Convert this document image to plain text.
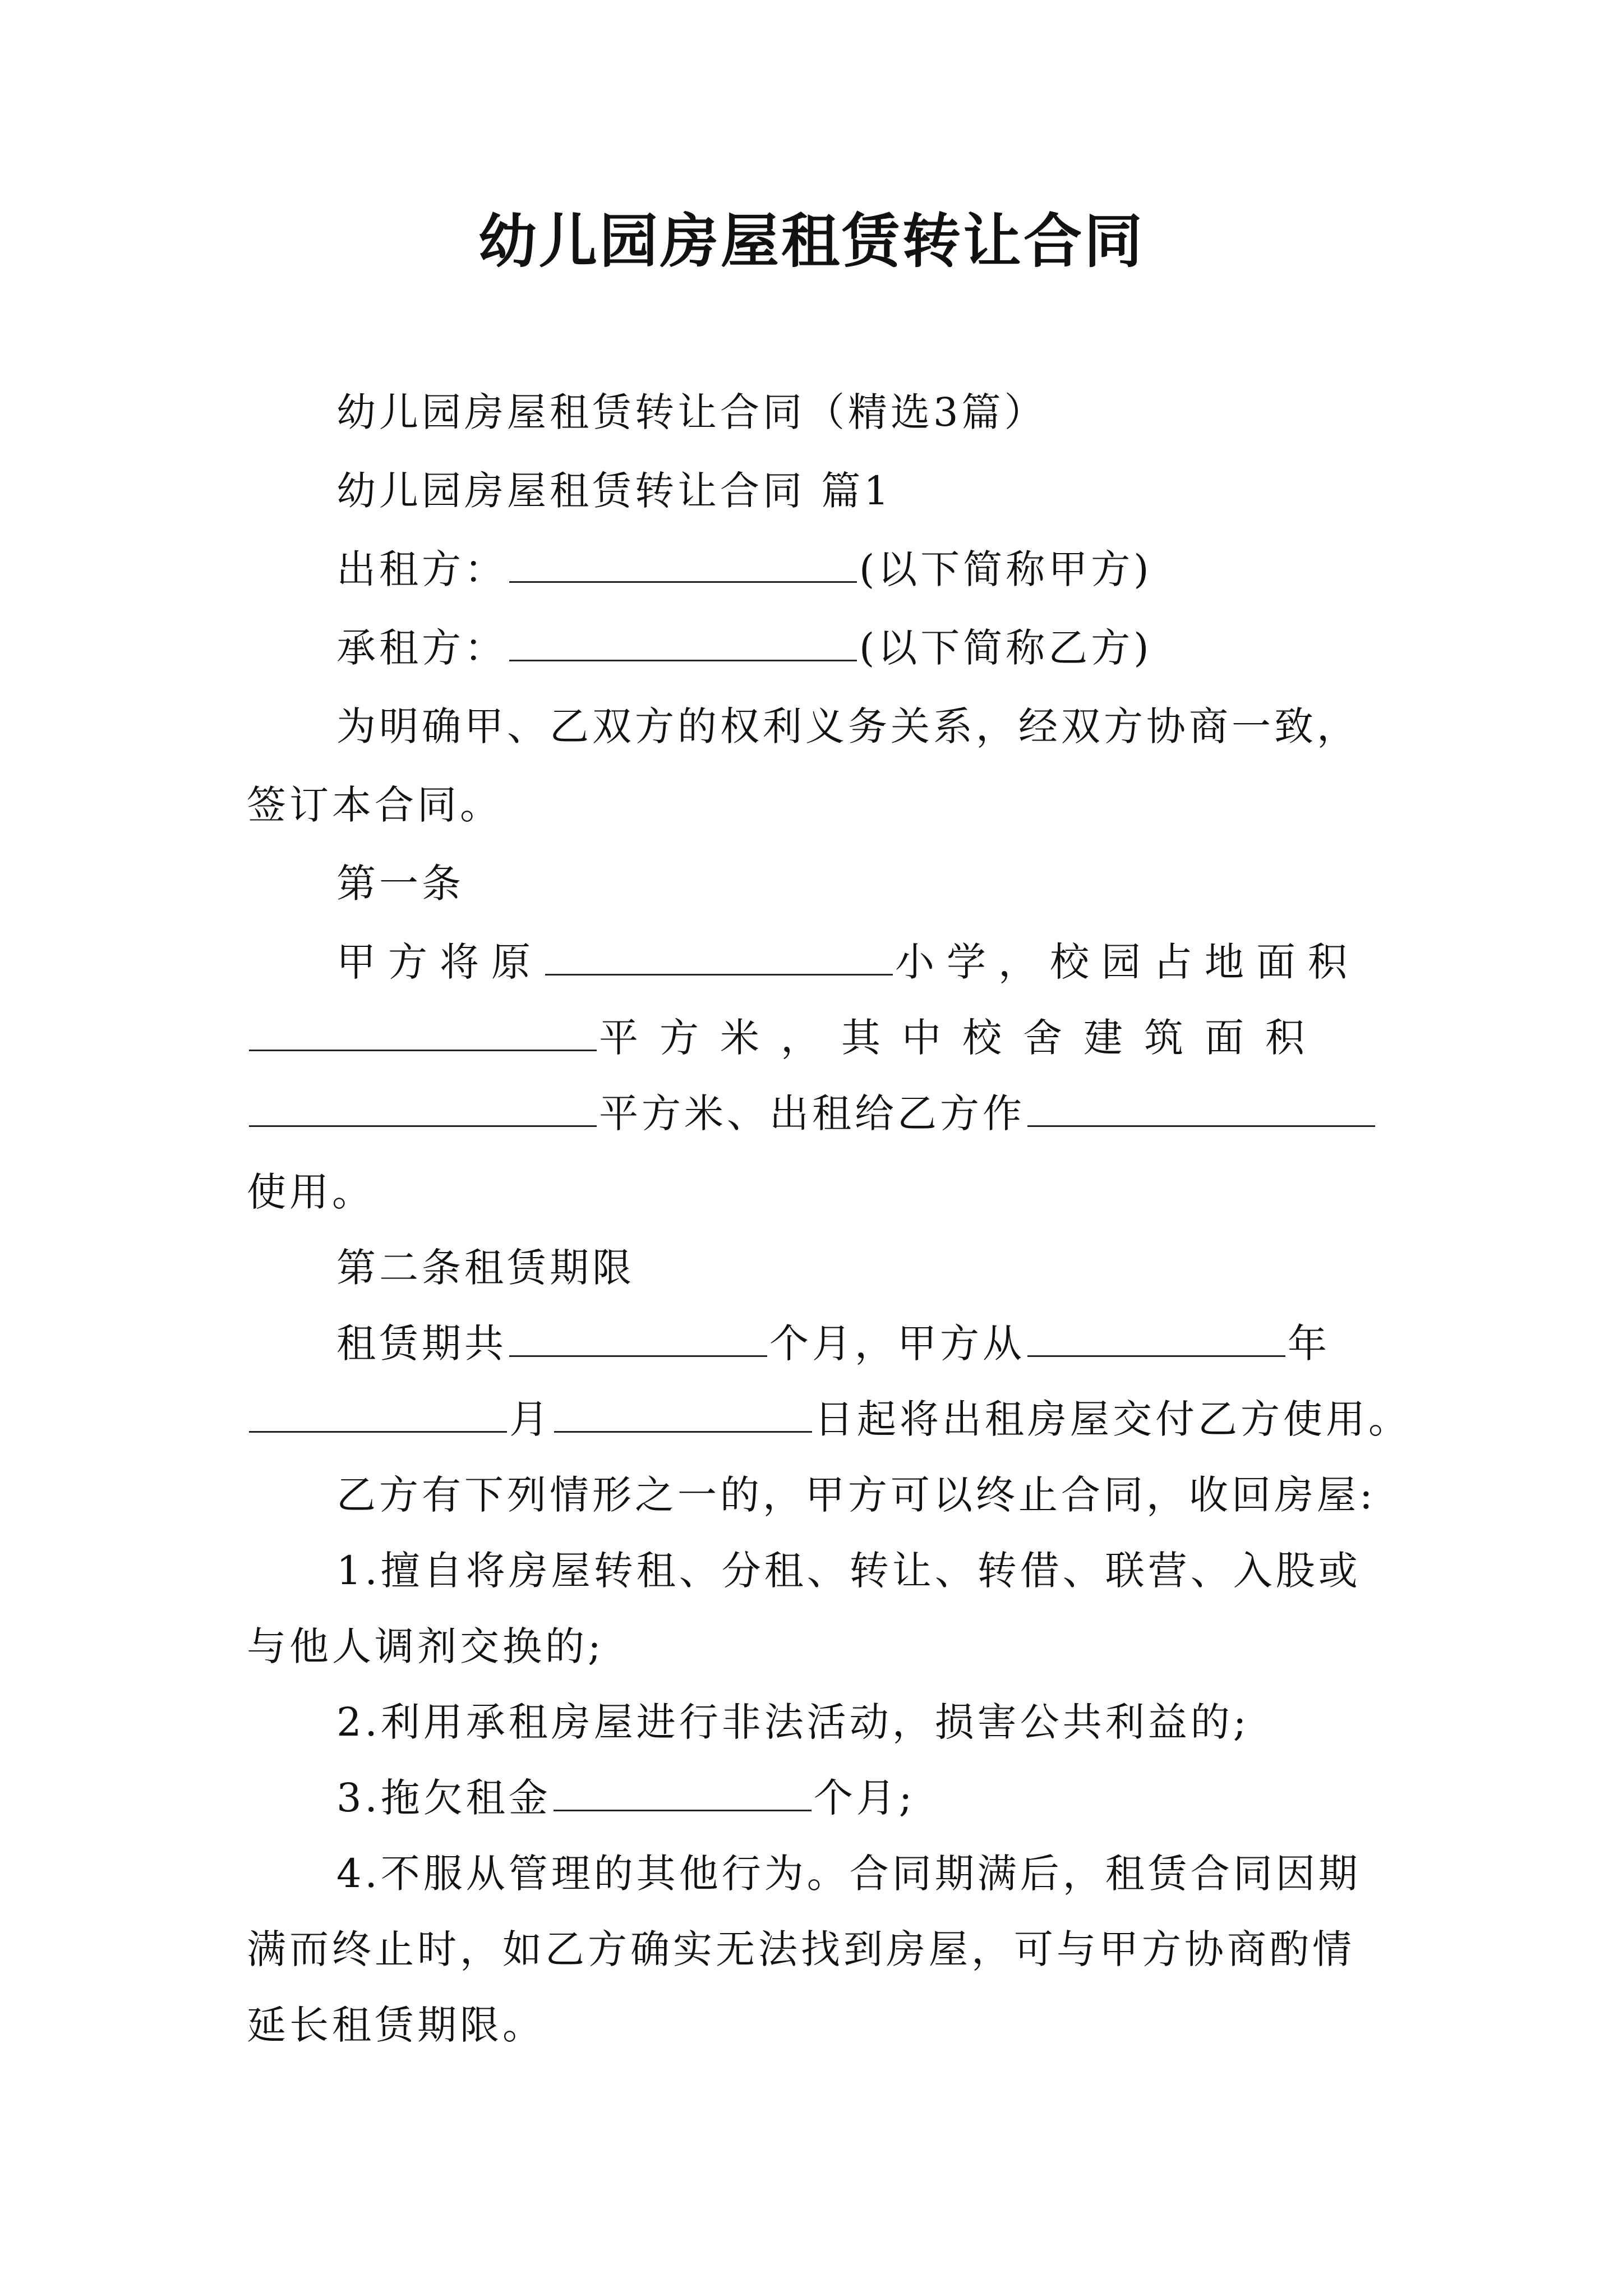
幼儿园房屋租赁转让合同
幼儿园房屋租赁转让合同（精选3篇）
幼儿园房屋租赁转让合同 篇1
出租方：	(以下简称甲方)
承租方：	(以下简称乙方)
为明确甲、乙双方的权利义务关系，经双方协商一致，
签订本合同。
第一条
甲方将原	小学，校园占地面积
平方米，其中校舍建筑面积
平方米、出租给乙方作
使用。
第二条租赁期限
租赁期共	个月，甲方从	年
月	日起将出租房屋交付乙方使用。
乙方有下列情形之一的，甲方可以终止合同，收回房屋:
1.擅自将房屋转租、分租、转让、转借、联营、入股或
与他人调剂交换的;
2.利用承租房屋进行非法活动，损害公共利益的;
3.拖欠租金	个月;
4.不服从管理的其他行为。合同期满后，租赁合同因期
满而终止时，如乙方确实无法找到房屋，可与甲方协商酌情
延长租赁期限。
